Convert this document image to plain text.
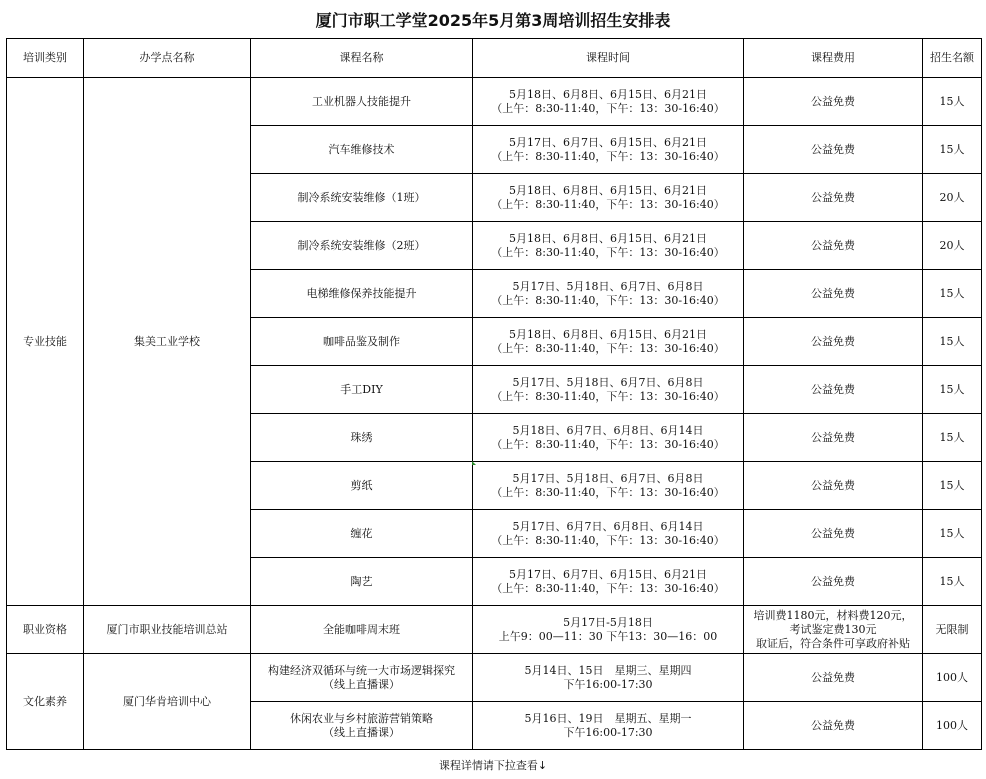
厦门市职工学堂2025年5月第3周培训招生安排表
培训类别	办学点名称	课程名称	课程时间	课程费用	招生名额
专业技能	集美工业学校	工业机器人技能提升	5月18日、6月8日、6月15日、6月21日
（上午：8:30-11:40，下午：13：30-16:40）	公益免费	15人

		汽车维修技术	5月17日、6月7日、6月15日、6月21日
（上午：8:30-11:40，下午：13：30-16:40）	公益免费	15人

		制冷系统安装维修（1班）	5月18日、6月8日、6月15日、6月21日
（上午：8:30-11:40，下午：13：30-16:40）	公益免费	20人

		制冷系统安装维修（2班）	5月18日、6月8日、6月15日、6月21日
（上午：8:30-11:40，下午：13：30-16:40）	公益免费	20人

		电梯维修保养技能提升	5月17日、5月18日、6月7日、6月8日
（上午：8:30-11:40，下午：13：30-16:40）	公益免费	15人

		咖啡品鉴及制作	5月18日、6月8日、6月15日、6月21日
（上午：8:30-11:40，下午：13：30-16:40）	公益免费	15人

		手工DIY	5月17日、5月18日、6月7日、6月8日
（上午：8:30-11:40，下午：13：30-16:40）	公益免费	15人

		珠绣	5月18日、6月7日、6月8日、6月14日
（上午：8:30-11:40，下午：13：30-16:40）	公益免费	15人

		剪纸	5月17日、5月18日、6月7日、6月8日
（上午：8:30-11:40，下午：13：30-16:40）	公益免费	15人

		缠花	5月17日、6月7日、6月8日、6月14日
（上午：8:30-11:40，下午：13：30-16:40）	公益免费	15人

		陶艺	5月17日、6月7日、6月15日、6月21日
（上午：8:30-11:40，下午：13：30-16:40）	公益免费	15人
职业资格	厦门市职业技能培训总站	全能咖啡周末班	5月17日-5月18日
上午9：00—11：30 下午13：30—16：00	培训费1180元，材料费120元，
考试鉴定费130元
取证后，符合条件可享政府补贴	无限制
文化素养	厦门华肯培训中心	构建经济双循环与统一大市场逻辑探究
（线上直播课）	5月14日、15日　星期三、星期四
下午16:00-17:30	公益免费	100人

		休闲农业与乡村旅游营销策略
（线上直播课）	5月16日、19日　星期五、星期一
下午16:00-17:30	公益免费	100人
课程详情请下拉查看↓
